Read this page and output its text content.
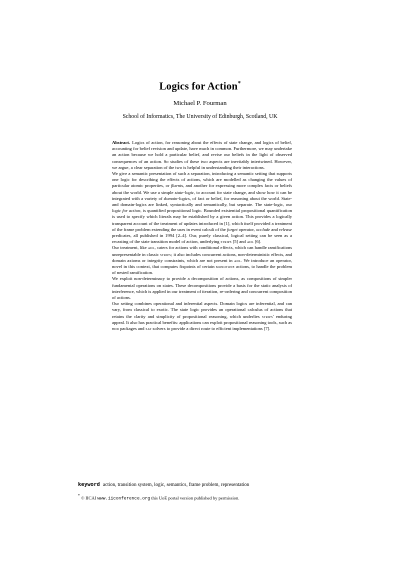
Logics for Action*
Michael P. Fourman
School of Informatics, The University of Edinburgh, Scotland, UK

Abstract. Logics of action, for reasoning about the effects of state change, and logics of belief, accounting for belief revision and update, have much in common. Furthermore, we may undertake an action because we hold a particular belief, and revise our beliefs in the light of observed consequences of an action. So studies of these two aspects are inevitably intertwined. However, we argue, a clear separation of the two is helpful in understanding their interactions.

We give a semantic presentation of such a separation, introducing a semantic setting that supports one logic for describing the effects of actions, which are modelled as changing the values of particular atomic properties, or fluents, and another for expressing more complex facts or beliefs about the world. We use a simple state-logic, to account for state change, and show how it can be integrated with a variety of domain-logics, of fact or belief, for reasoning about the world. State- and domain-logics are linked, syntactically and semantically, but separate. The state-logic, our logic for action, is quantified propositional logic. Bounded existential propositional quantification is used to specify which literals may be established by a given action. This provides a logically transparent account of the treatment of updates introduced in [1], which itself provided a treatment of the frame problem extending the uses in event calculi of the forget operator, occlude and release predicates, all published in 1994 [2–4]. Our, purely classical, logical setting can be seen as a recasting of the state transition model of action, underlying strips [5] and adl [6].

Our treatment, like adl, caters for actions with conditional effects, which can handle ramifications unrepresentable in classic strips; it also includes concurrent actions, non-deterministic effects, and domain axioms or integrity constraints, which are not present in adl. We introduce an operator, novel in this context, that computes fixpoints of certain monotone actions, to handle the problem of nested ramification.

We exploit non-determinacy to provide a decomposition of actions, as compositions of simpler fundamental operations on states. These decompositions provide a basis for the static analysis of interference, which is applied in our treatment of iteration, re-ordering and concurrent composition of actions.

Our setting combines operational and inferential aspects. Domain logics are inferential, and can vary, from classical to exotic. The state logic provides an operational calculus of actions that retains the clarity and simplicity of propositional reasoning, which underlies strips' enduring appeal. It also has practical benefits: applications can exploit propositional reasoning tools, such as bdd packages and sat solvers to provide a direct route to efficient implementations [7].

keyword action, transition system, logic, semantics, frame problem, representation
* © IICAI www.iiconference.org this UoE portal version published by permission.
